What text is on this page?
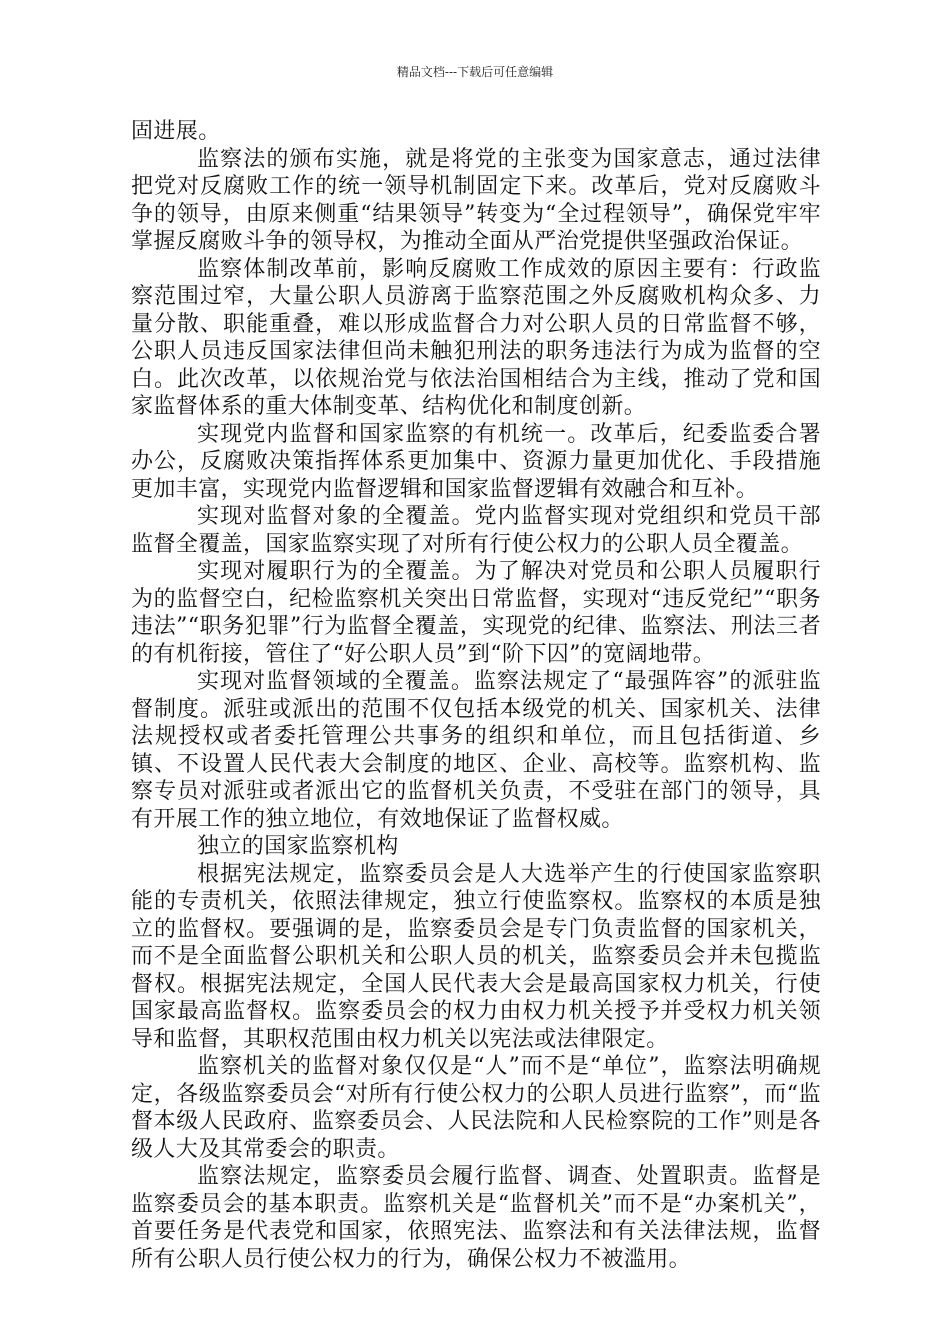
精品文档---下载后可任意编辑

固进展。

监察法的颁布实施，就是将党的主张变为国家意志，通过法律把党对反腐败工作的统一领导机制固定下来。改革后，党对反腐败斗争的领导，由原来侧重“结果领导”转变为“全过程领导”，确保党牢牢掌握反腐败斗争的领导权，为推动全面从严治党提供坚强政治保证。

监察体制改革前，影响反腐败工作成效的原因主要有：行政监察范围过窄，大量公职人员游离于监察范围之外反腐败机构众多、力量分散、职能重叠，难以形成监督合力对公职人员的日常监督不够，公职人员违反国家法律但尚未触犯刑法的职务违法行为成为监督的空白。此次改革，以依规治党与依法治国相结合为主线，推动了党和国家监督体系的重大体制变革、结构优化和制度创新。

实现党内监督和国家监察的有机统一。改革后，纪委监委合署办公，反腐败决策指挥体系更加集中、资源力量更加优化、手段措施更加丰富，实现党内监督逻辑和国家监督逻辑有效融合和互补。

实现对监督对象的全覆盖。党内监督实现对党组织和党员干部监督全覆盖，国家监察实现了对所有行使公权力的公职人员全覆盖。

实现对履职行为的全覆盖。为了解决对党员和公职人员履职行为的监督空白，纪检监察机关突出日常监督，实现对“违反党纪”“职务违法”“职务犯罪”行为监督全覆盖，实现党的纪律、监察法、刑法三者的有机衔接，管住了“好公职人员”到“阶下囚”的宽阔地带。

实现对监督领域的全覆盖。监察法规定了“最强阵容”的派驻监督制度。派驻或派出的范围不仅包括本级党的机关、国家机关、法律法规授权或者委托管理公共事务的组织和单位，而且包括街道、乡镇、不设置人民代表大会制度的地区、企业、高校等。监察机构、监察专员对派驻或者派出它的监督机关负责，不受驻在部门的领导，具有开展工作的独立地位，有效地保证了监督权威。

独立的国家监察机构

根据宪法规定，监察委员会是人大选举产生的行使国家监察职能的专责机关，依照法律规定，独立行使监察权。监察权的本质是独立的监督权。要强调的是，监察委员会是专门负责监督的国家机关，而不是全面监督公职机关和公职人员的机关，监察委员会并未包揽监督权。根据宪法规定，全国人民代表大会是最高国家权力机关，行使国家最高监督权。监察委员会的权力由权力机关授予并受权力机关领导和监督，其职权范围由权力机关以宪法或法律限定。

监察机关的监督对象仅仅是“人”而不是“单位”，监察法明确规定，各级监察委员会“对所有行使公权力的公职人员进行监察”，而“监督本级人民政府、监察委员会、人民法院和人民检察院的工作”则是各级人大及其常委会的职责。

监察法规定，监察委员会履行监督、调查、处置职责。监督是监察委员会的基本职责。监察机关是“监督机关”而不是“办案机关”，首要任务是代表党和国家，依照宪法、监察法和有关法律法规，监督所有公职人员行使公权力的行为，确保公权力不被滥用。
